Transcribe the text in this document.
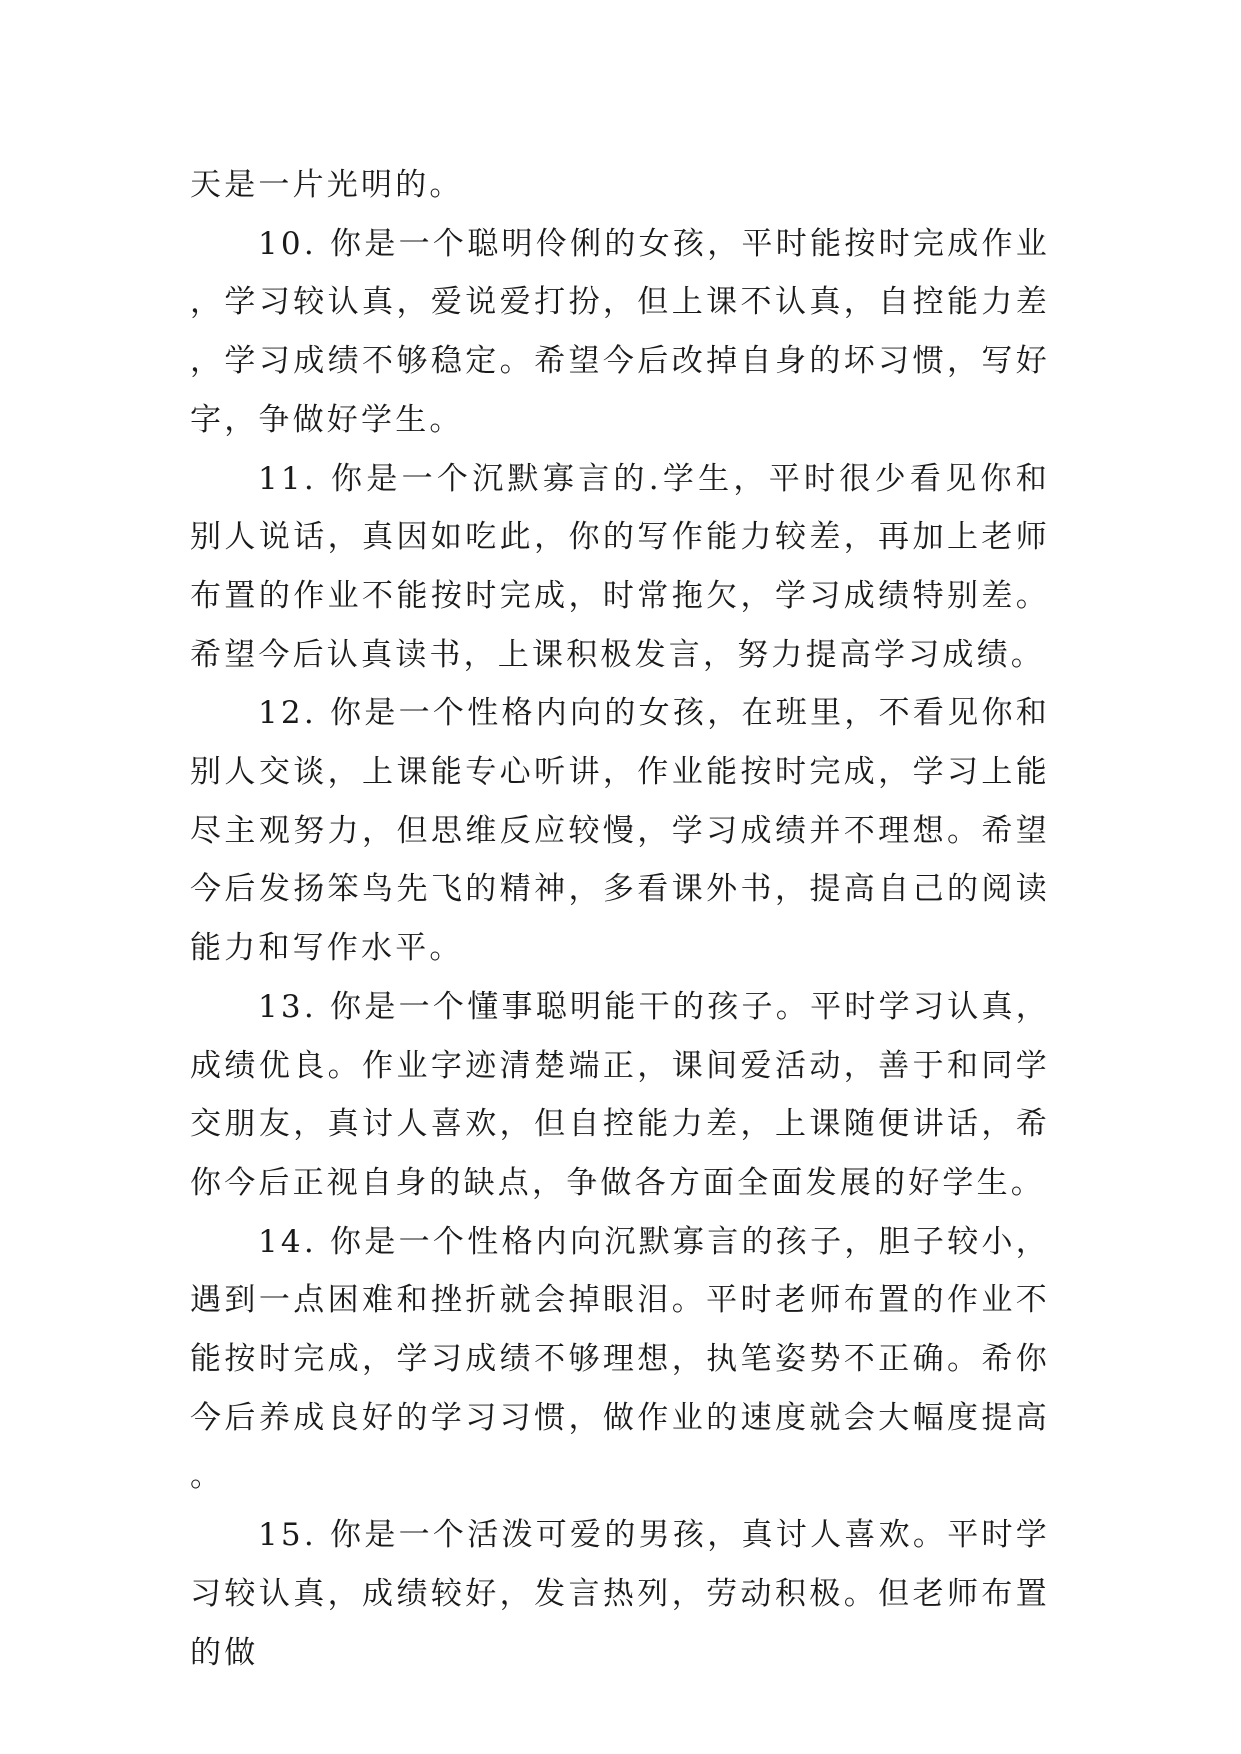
天是一片光明的。

10. 你是一个聪明伶俐的女孩，平时能按时完成作业，学习较认真，爱说爱打扮，但上课不认真，自控能力差，学习成绩不够稳定。希望今后改掉自身的坏习惯，写好字，争做好学生。

11. 你是一个沉默寡言的.学生，平时很少看见你和别人说话，真因如吃此，你的写作能力较差，再加上老师布置的作业不能按时完成，时常拖欠，学习成绩特别差。希望今后认真读书，上课积极发言，努力提高学习成绩。

12. 你是一个性格内向的女孩，在班里，不看见你和别人交谈，上课能专心听讲，作业能按时完成，学习上能尽主观努力，但思维反应较慢，学习成绩并不理想。希望今后发扬笨鸟先飞的精神，多看课外书，提高自己的阅读能力和写作水平。

13. 你是一个懂事聪明能干的孩子。平时学习认真，成绩优良。作业字迹清楚端正，课间爱活动，善于和同学交朋友，真讨人喜欢，但自控能力差，上课随便讲话，希你今后正视自身的缺点，争做各方面全面发展的好学生。

14. 你是一个性格内向沉默寡言的孩子，胆子较小，遇到一点困难和挫折就会掉眼泪。平时老师布置的作业不能按时完成，学习成绩不够理想，执笔姿势不正确。希你今后养成良好的学习习惯，做作业的速度就会大幅度提高。

15. 你是一个活泼可爱的男孩，真讨人喜欢。平时学习较认真，成绩较好，发言热列，劳动积极。但老师布置的做
